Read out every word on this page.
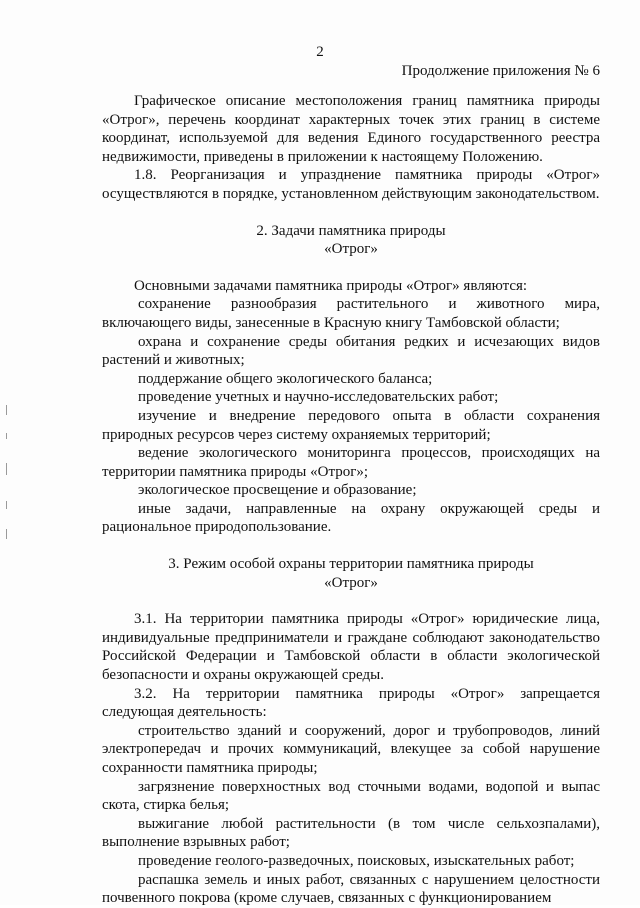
2
Продолжение приложения № 6

Графическое описание местоположения границ памятника природы «Отрог», перечень координат характерных точек этих границ в системе координат, используемой для ведения Единого государственного реестра недвижимости, приведены в приложении к настоящему Положению.

1.8. Реорганизация и упразднение памятника природы «Отрог» осуществляются в порядке, установленном действующим законодательством.

2. Задачи памятника природы

«Отрог»

Основными задачами памятника природы «Отрог» являются:

сохранение разнообразия растительного и животного мира, включающего виды, занесенные в Красную книгу Тамбовской области;

охрана и сохранение среды обитания редких и исчезающих видов растений и животных;

поддержание общего экологического баланса;

проведение учетных и научно-исследовательских работ;

изучение и внедрение передового опыта в области сохранения природных ресурсов через систему охраняемых территорий;

ведение экологического мониторинга процессов, происходящих на территории памятника природы «Отрог»;

экологическое просвещение и образование;

иные задачи, направленные на охрану окружающей среды и рациональное природопользование.

3. Режим особой охраны территории памятника природы

«Отрог»

3.1. На территории памятника природы «Отрог» юридические лица, индивидуальные предприниматели и граждане соблюдают законодательство Российской Федерации и Тамбовской области в области экологической безопасности и охраны окружающей среды.

3.2. На территории памятника природы «Отрог» запрещается следующая деятельность:

строительство зданий и сооружений, дорог и трубопроводов, линий электропередач и прочих коммуникаций, влекущее за собой нарушение сохранности памятника природы;

загрязнение поверхностных вод сточными водами, водопой и выпас скота, стирка белья;

выжигание любой растительности (в том числе сельхозпалами), выполнение взрывных работ;

проведение геолого-разведочных, поисковых, изыскательных работ;

распашка земель и иных работ, связанных с нарушением целостности почвенного покрова (кроме случаев, связанных с функционированием
